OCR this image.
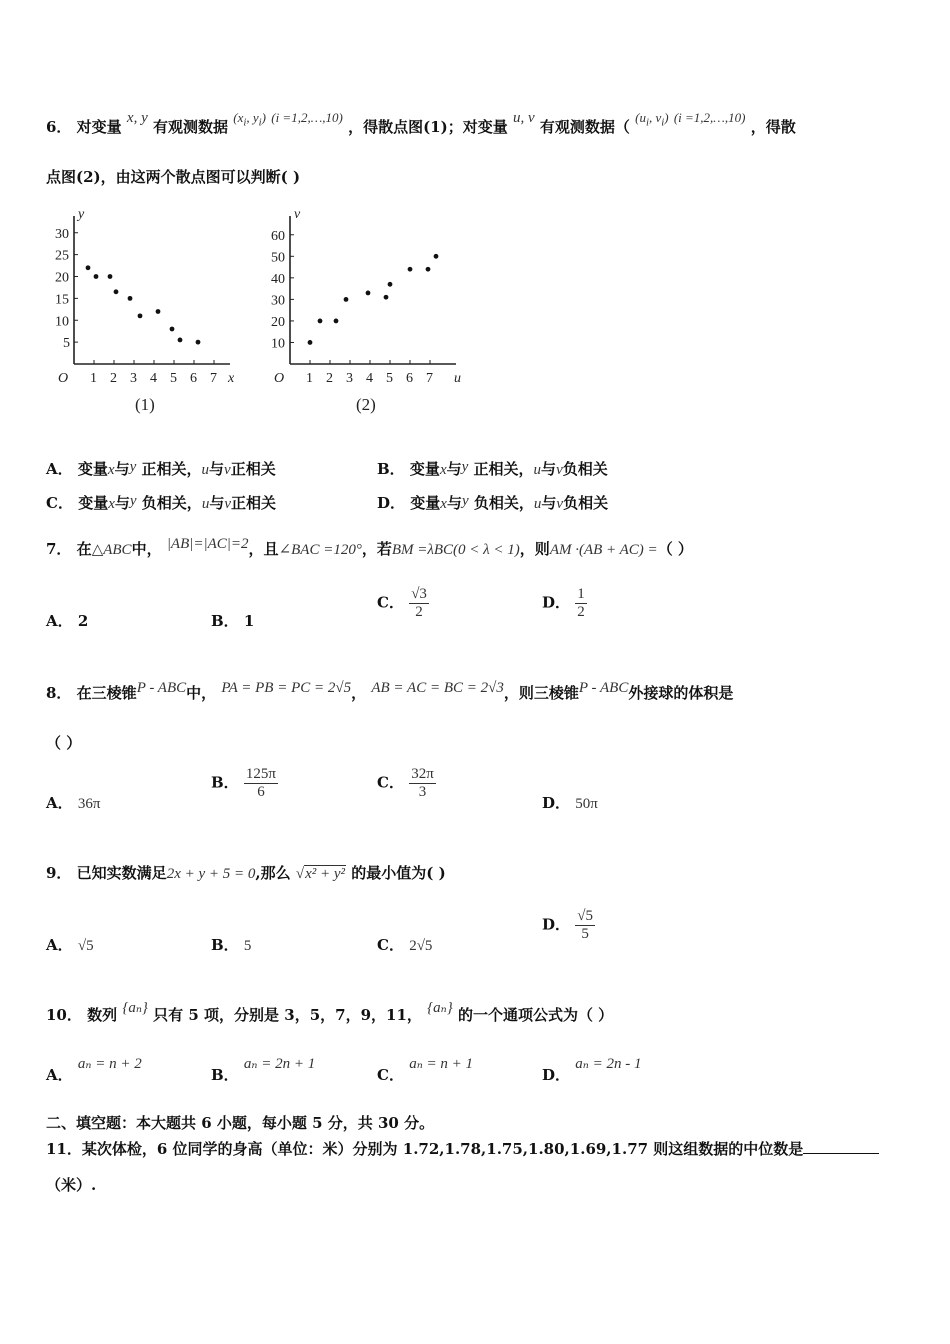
6． 对变量 x, y 有观测数据 ($x_i$, $y_i$) (i =1,2,…,10) ，得散点图(1)；对变量 u, v 有观测数据（ ($u_i$, $v_i$) (i =1,2,…,10) ，得散
点图(2)，由这两个散点图可以判断( )
x
y
O 1 2 3 4 5 6 7
5
10
15
20
25
30
(1)
u
v
O 1 2 3 4 5 6 7
10
20
30
40
50
60
(2)
A． 变量x与y 正相关，u与v正相关	B． 变量x与y 正相关，u与v负相关
C． 变量x与y 负相关，u与v正相关	D． 变量x与y 负相关，u与v负相关
7． 在△ABC中， |AB|=|AC|=2，且∠BAC =120°，若BM =λBC(0 < λ < 1)，则AM ·(AB + AC) =（ ）
A． 2	B． 1
C． $\frac{√3}{2}$	D． $\frac{1}{2}$
8． 在三棱锥P - ABC中， PA = PB = PC = 2√5， AB = AC = BC = 2√3，则三棱锥P - ABC外接球的体积是
（ ）
A． 36π
B． $\frac{125\pi}{6}$	C． $\frac{32\pi}{3}$
D． 50π
9． 已知实数满足2x + y + 5 = 0,那么 √x² + y² 的最小值为( )
A． √5	B． 5	C． 2√5
D． $\frac{√5}{5}$
10． 数列 {aₙ} 只有 5 项，分别是 3，5，7，9，11， {aₙ} 的一个通项公式为（ ）
A． aₙ = n + 2
B． aₙ = 2n + 1
C． aₙ = n + 1
D． aₙ = 2n - 1
二、填空题：本大题共 6 小题，每小题 5 分，共 30 分。
11．某次体检，6 位同学的身高（单位：米）分别为 1.72,1.78,1.75,1.80,1.69,1.77 则这组数据的中位数是
（米）.
